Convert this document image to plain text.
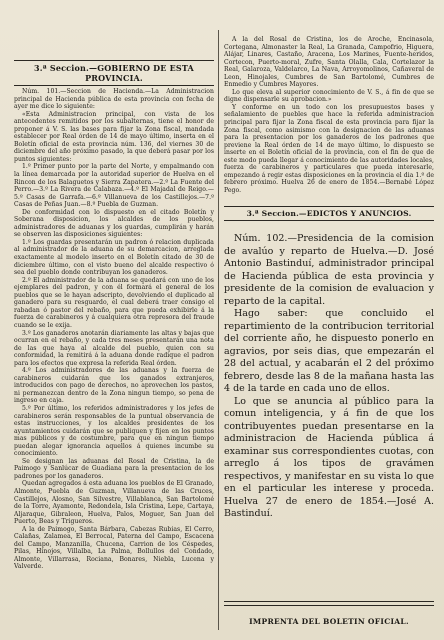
3.ª Seccion.—GOBIERNO DE ESTA PROVINCIA.

Núm. 101.—Seccion de Hacienda.—La Administracion principal de Hacienda pública de esta provincia con fecha de ayer me dice lo siguiente:

«Esta Administracion principal, con vista de los antecedentes remitidos por los subalternas, tiene el honor de proponer á V. S. las bases para fijar la Zona fiscal, mandada establecer por Real órden de 14 de mayo último, inserta en el Boletín oficial de esta provincia núm. 136, del viernes 30 de diciembre del año próximo pasado, la que deberá pasar por los puntos siguientes:

1.º Primer punto por la parte del Norte, y empalmando con la línea demarcada por la autoridad superior de Huelva en el Rincon de los Balaguetos y Sierra Zapatera.—2.º La Fuente del Perro.—3.º La Rivera de Calabaza.—4.º El Majadal de Reigo.—5.º Casas de Garrafa.—6.º Villanueva de los Castillejos.—7.º Casas de Peñas Juan.—8.º Puebla de Guzman.

De conformidad con lo dispuesto en el citado Boletín y Soberana disposicion, los alcaldes de los pueblos, administradores de aduanas y los guardas, cumplirán y harán se observen las disposiciones siguientes:

1.º Los guardas presentarán un padron ó relacion duplicada al administrador de la aduana de su demarcacion, arreglada exactamente al modelo inserto en el Boletín citado de 30 de diciembre último, con el visto bueno del alcalde respectivo ó sea del pueblo donde contribuyan los ganaderos.

2.º El administrador de la aduana se quedará con uno de los ejemplares del padron, y con él formará el general de los pueblos que se le hayan adscripto, devolviendo el duplicado al ganadero para su resguardo, el cual deberá traer consigo el rabadan ó pastor del rebaño, para que pueda exhibirle á la fuerza de carabineros y á cualquiera otra represora del fraude cuando se le exija.

3.º Los ganaderos anotarán diariamente las altas y bajas que ocurran en el rebaño, y cada tres meses presentarán una nota de las que haya al alcalde del pueblo, quien con su conformidad, la remitirá á la aduana donde radique el padron para los efectos que expresa la referida Real órden.

4.º Los administradores de las aduanas y la fuerza de carabineros cuidarán que los ganados extranjeros, introducidos con pago de derechos, no aprovechen los pastos, ni permanezcan dentro de la Zona ningun tiempo, so pena de ingreso en caja.

5.º Por último, los referidos administradores y los jefes de carabineros serán responsables de la puntual observancia de estas instrucciones, y los alcaldes presidentes de los ayuntamientos cuidarán que se publiquen y fijen en los puntos mas públicos y de costumbre, para que en ningun tiempo puedan alegar ignorancia aquellos á quienes incumbe su conocimiento.

Se designan las aduanas del Rosal de Cristina, la de Paimogo y Sanlúcar de Guadiana para la presentacion de los padrones por los ganaderos.

Quedan agregados á esta aduana los pueblos de El Granado, Almonte, Puebla de Guzman, Villanueva de las Cruces, Castillejos, Alosno, San Silvestre, Villablanca, San Bartolomé de la Torre, Ayamonte, Redondela, Isla Cristina, Lepe, Cartaya, Aljaraque, Gibraleon, Huelva, Palos, Moguer, San Juan del Puerto, Beas y Trigueros.

A la de Paimogo, Santa Bárbara, Cabezas Rubias, El Cerro, Calañas, Zalamea, El Berrocal, Paterna del Campo, Escacena del Campo, Manzanilla, Chucena, Carrion de los Céspedes, Pilas, Hinojos, Villalba, La Palma, Bollullos del Condado, Almonte, Villarrasa, Rociana, Bonares, Niebla, Lucena y Valverde.

A la del Rosal de Cristina, los de Aroche, Encinasola, Cortegana, Almonaster la Real, La Granada, Campofrio, Higuera, Alájar, Linares, Castaño, Aracena, Los Marines, Fuente-heridos, Cortecon, Puerto-moral, Zufre, Santa Olalla, Cala, Cortelazor la Real, Galaroza, Valdelarco, La Nava, Arroyomolinos, Cañaveral de Leon, Hinojales, Cumbres de San Bartolomé, Cumbres de Enmedio y Cumbres Mayores.

Lo que eleva al superior conocimiento de V. S., á fin de que se digne dispensarle su aprobacion.»

Y conforme en un todo con los presupuestos bases y señalamiento de puebles que hace la referida administracion principal para fijar la Zona fiscal de esta provincia para fijar la Zona fiscal, como asimismo con la designacion de las aduanas para la presentacion por los ganaderos de los padrones que previene la Real órden de 14 de mayo último, lo dispuesto se inserte en el Boletín oficial de la provincia, con el fin de que de este modo pueda llegar á conocimiento de las autoridades locales, fuerza de carabineros y particulares que pueda interesarle, empezando á regir estas disposiciones en la provincia el dia 1.º de febrero próximo. Huelva 26 de enero de 1854.—Bernabé López Pego.

3.ª Seccion.—EDICTOS Y ANUNCIOS.

Núm. 102.—Presidencia de la comision de avalúo y reparto de Huelva.—D. José Antonio Bastinduí, administrador principal de Hacienda pública de esta provincia y presidente de la comision de evaluacion y reparto de la capital.

Hago saber: que concluido el repartimiento de la contribucion territorial del corriente año, he dispuesto ponerlo en agravios, por seis dias, que empezarán el 28 del actual, y acabarán el 2 del próximo febrero, desde las 8 de la mañana hasta las 4 de la tarde en cada uno de ellos.

Lo que se anuncia al público para la comun inteligencia, y á fin de que los contribuyentes puedan presentarse en la administracion de Hacienda pública á examinar sus correspondientes cuotas, con arreglo á los tipos de gravámen respectivos, y manifestar en su vista lo que en el particular les interese y proceda. Huelva 27 de enero de 1854.—José A. Bastinduí.

IMPRENTA DEL BOLETIN OFICIAL.
